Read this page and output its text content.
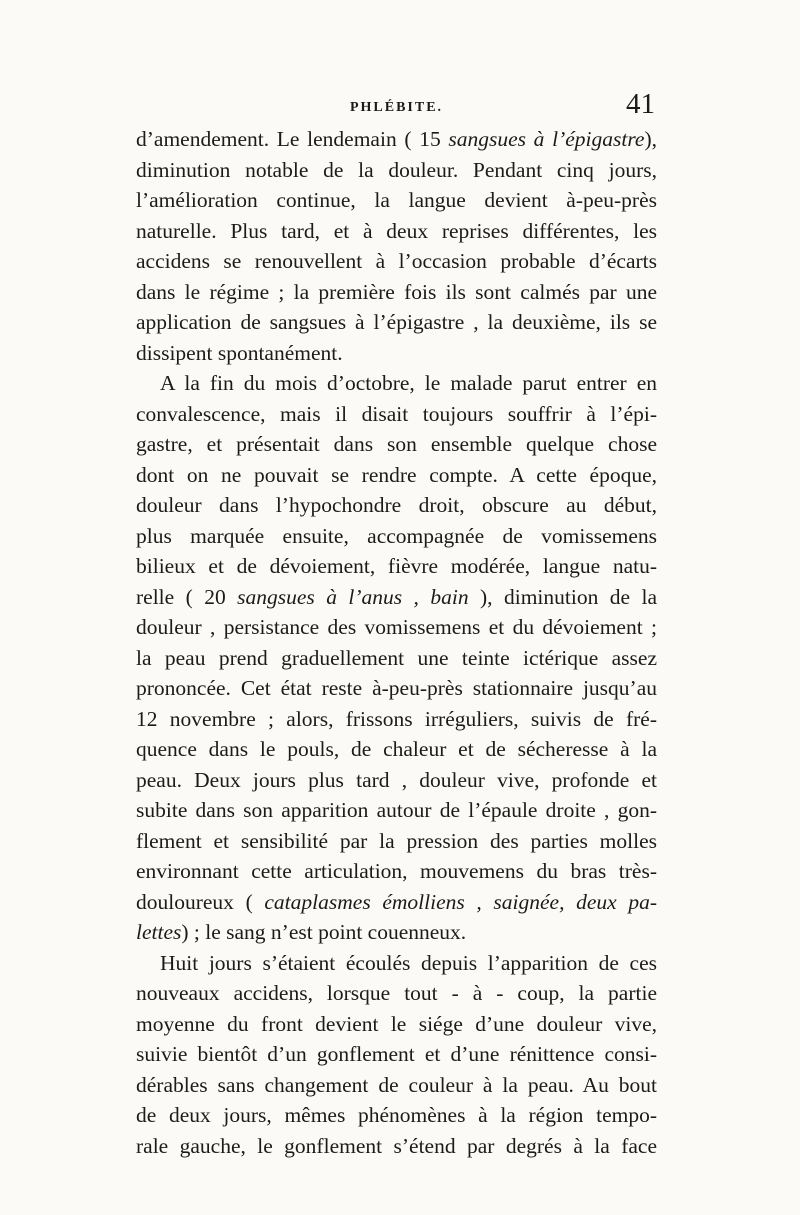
PHLÉBITE.	41
d’amendement. Le lendemain ( 15 sangsues à l’épigastre),
diminution notable de la douleur. Pendant cinq jours,
l’amélioration continue, la langue devient à-peu-près
naturelle. Plus tard, et à deux reprises différentes, les
accidens se renouvellent à l’occasion probable d’écarts
dans le régime ; la première fois ils sont calmés par une
application de sangsues à l’épigastre , la deuxième, ils se
dissipent spontanément.
A la fin du mois d’octobre, le malade parut entrer en
convalescence, mais il disait toujours souffrir à l’épi-
gastre, et présentait dans son ensemble quelque chose
dont on ne pouvait se rendre compte. A cette époque,
douleur dans l’hypochondre droit, obscure au début,
plus marquée ensuite, accompagnée de vomissemens
bilieux et de dévoiement, fièvre modérée, langue natu-
relle ( 20 sangsues à l’anus , bain ), diminution de la
douleur , persistance des vomissemens et du dévoiement ;
la peau prend graduellement une teinte ictérique assez
prononcée. Cet état reste à-peu-près stationnaire jusqu’au
12 novembre ; alors, frissons irréguliers, suivis de fré-
quence dans le pouls, de chaleur et de sécheresse à la
peau. Deux jours plus tard , douleur vive, profonde et
subite dans son apparition autour de l’épaule droite , gon-
flement et sensibilité par la pression des parties molles
environnant cette articulation, mouvemens du bras très-
douloureux ( cataplasmes émolliens , saignée, deux pa-
lettes) ; le sang n’est point couenneux.
Huit jours s’étaient écoulés depuis l’apparition de ces
nouveaux accidens, lorsque tout - à - coup, la partie
moyenne du front devient le siége d’une douleur vive,
suivie bientôt d’un gonflement et d’une rénittence consi-
dérables sans changement de couleur à la peau. Au bout
de deux jours, mêmes phénomènes à la région tempo-
rale gauche, le gonflement s’étend par degrés à la face
